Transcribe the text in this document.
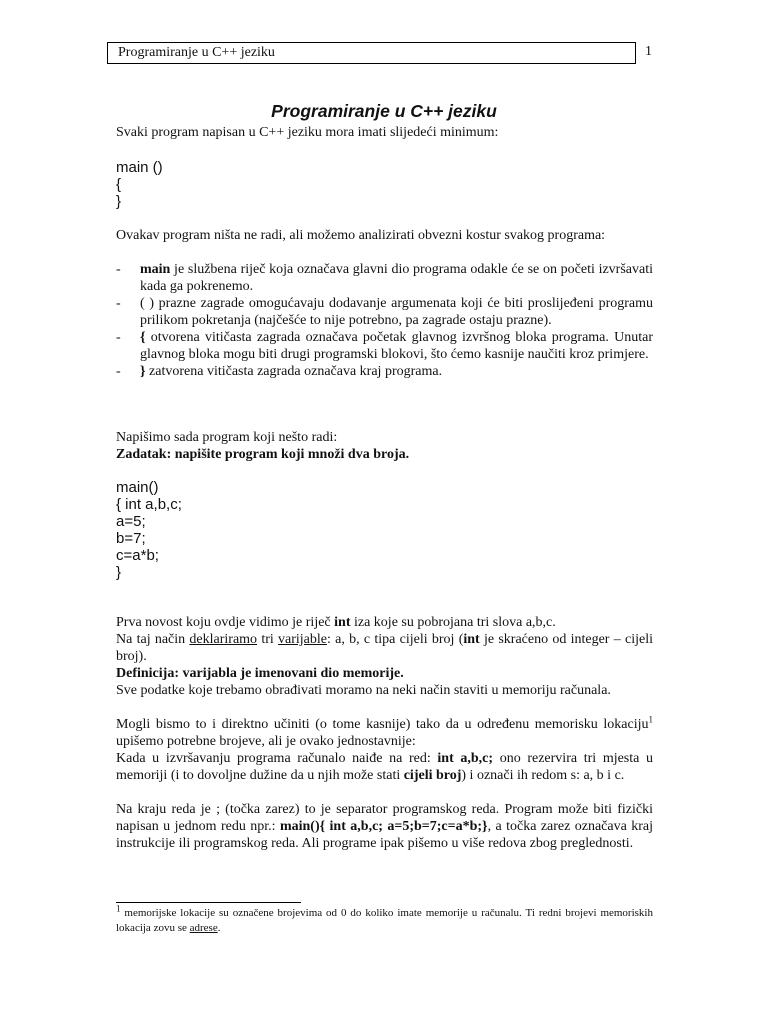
Programiranje u C++ jeziku	1
Programiranje u C++ jeziku
Svaki program napisan u C++ jeziku mora imati slijedeći minimum:
main ()
{
}
Ovakav program ništa ne radi, ali možemo analizirati obvezni kostur svakog programa:
- main je službena riječ koja označava glavni dio programa odakle će se on početi izvršavati kada ga pokrenemo.
- ( ) prazne zagrade omogućavaju dodavanje argumenata koji će biti proslijeđeni programu prilikom pokretanja (najčešće to nije potrebno, pa zagrade ostaju prazne).
- { otvorena vitičasta zagrada označava početak glavnog izvršnog bloka programa. Unutar glavnog bloka mogu biti drugi programski blokovi, što ćemo kasnije naučiti kroz primjere.
- } zatvorena vitičasta zagrada označava kraj programa.
Napišimo sada program koji nešto radi:
Zadatak: napišite program koji množi dva broja.
main()
{ int a,b,c;
a=5;
b=7;
c=a*b;
}
Prva novost koju ovdje vidimo je riječ int iza koje su pobrojana tri slova a,b,c.
Na taj način deklariramo tri varijable: a, b, c tipa cijeli broj (int je skraćeno od integer – cijeli broj).
Definicija: varijabla je imenovani dio memorije.
Sve podatke koje trebamo obrađivati moramo na neki način staviti u memoriju računala.
Mogli bismo to i direktno učiniti (o tome kasnije) tako da u određenu memorisku lokaciju$^1$ upišemo potrebne brojeve, ali je ovako jednostavnije:
Kada u izvršavanju programa računalo naiđe na red: int a,b,c; ono rezervira tri mjesta u memoriji (i to dovoljne dužine da u njih može stati cijeli broj) i označi ih redom s: a, b i c.
Na kraju reda je ; (točka zarez) to je separator programskog reda. Program može biti fizički napisan u jednom redu npr.: main(){ int a,b,c; a=5;b=7;c=a*b;}, a točka zarez označava kraj instrukcije ili programskog reda. Ali programe ipak pišemo u više redova zbog preglednosti.
$^1$ memorijske lokacije su označene brojevima od 0 do koliko imate memorije u računalu. Ti redni brojevi memoriskih lokacija zovu se adrese.
